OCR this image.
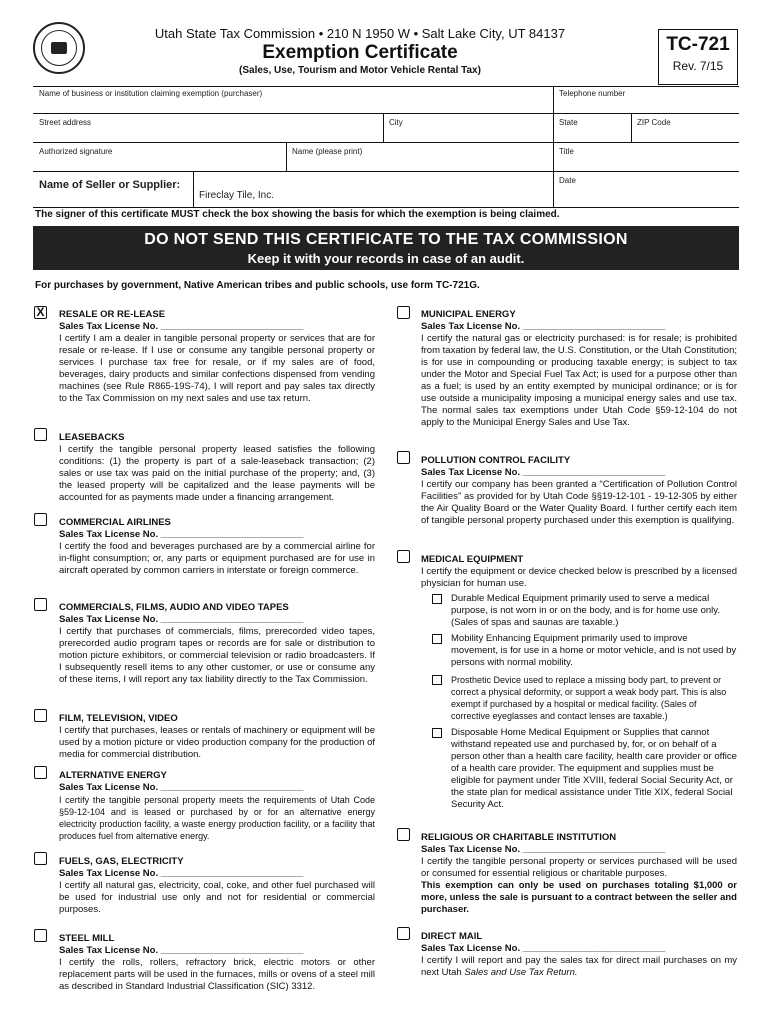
Utah State Tax Commission • 210 N 1950 W • Salt Lake City, UT 84137
Exemption Certificate
(Sales, Use, Tourism and Motor Vehicle Rental Tax)
TC-721
Rev. 7/15
Name of business or institution claiming exemption (purchaser)	Telephone number
Street address	City	State	ZIP Code
Authorized signature	Name (please print)	Title
Name of Seller or Supplier:
Fireclay Tile, Inc.
Date
The signer of this certificate MUST check the box showing the basis for which the exemption is being claimed.
DO NOT SEND THIS CERTIFICATE TO THE TAX COMMISSION
Keep it with your records in case of an audit.
For purchases by government, Native American tribes and public schools, use form TC-721G.
X RESALE OR RE-LEASE
Sales Tax License No. ___________________________
I certify I am a dealer in tangible personal property or services that are for resale or re-lease. If I use or consume any tangible personal property or services I purchase tax free for resale, or if my sales are of food, beverages, dairy products and similar confections dispensed from vending machines (see Rule R865-19S-74), I will report and pay sales tax directly to the Tax Commission on my next sales and use tax return.
LEASEBACKS
I certify the tangible personal property leased satisfies the following conditions: (1) the property is part of a sale-leaseback transaction; (2) sales or use tax was paid on the initial purchase of the property; and, (3) the leased property will be capitalized and the lease payments will be accounted for as payments made under a financing arrangement.
COMMERCIAL AIRLINES
Sales Tax License No. ___________________________
I certify the food and beverages purchased are by a commercial airline for in-flight consumption; or, any parts or equipment purchased are for use in aircraft operated by common carriers in interstate or foreign commerce.
COMMERCIALS, FILMS, AUDIO AND VIDEO TAPES
Sales Tax License No. ___________________________
I certify that purchases of commercials, films, prerecorded video tapes, prerecorded audio program tapes or records are for sale or distribution to motion picture exhibitors, or commercial television or radio broadcasters. If I subsequently resell items to any other customer, or use or consume any of these items, I will report any tax liability directly to the Tax Commission.
FILM, TELEVISION, VIDEO
I certify that purchases, leases or rentals of machinery or equipment will be used by a motion picture or video production company for the production of media for commercial distribution.
ALTERNATIVE ENERGY
Sales Tax License No. ___________________________
I certify the tangible personal property meets the requirements of Utah Code §59-12-104 and is leased or purchased by or for an alternative energy electricity production facility, a waste energy production facility, or a facility that produces fuel from alternative energy.
FUELS, GAS, ELECTRICITY
Sales Tax License No. ___________________________
I certify all natural gas, electricity, coal, coke, and other fuel purchased will be used for industrial use only and not for residential or commercial purposes.
STEEL MILL
Sales Tax License No. ___________________________
I certify the rolls, rollers, refractory brick, electric motors or other replacement parts will be used in the furnaces, mills or ovens of a steel mill as described in Standard Industrial Classification (SIC) 3312.
MUNICIPAL ENERGY
Sales Tax License No. ___________________________
I certify the natural gas or electricity purchased: is for resale; is prohibited from taxation by federal law, the U.S. Constitution, or the Utah Constitution; is for use in compounding or producing taxable energy; is subject to tax under the Motor and Special Fuel Tax Act; is used for a purpose other than as a fuel; is used by an entity exempted by municipal ordinance; or is for use outside a municipality imposing a municipal energy sales and use tax. The normal sales tax exemptions under Utah Code §59-12-104 do not apply to the Municipal Energy Sales and Use Tax.
POLLUTION CONTROL FACILITY
Sales Tax License No. ___________________________
I certify our company has been granted a “Certification of Pollution Control Facilities” as provided for by Utah Code §§19-12-101 - 19-12-305 by either the Air Quality Board or the Water Quality Board. I further certify each item of tangible personal property purchased under this exemption is qualifying.
MEDICAL EQUIPMENT
I certify the equipment or device checked below is prescribed by a licensed physician for human use.
Durable Medical Equipment primarily used to serve a medical purpose, is not worn in or on the body, and is for home use only. (Sales of spas and saunas are taxable.)
Mobility Enhancing Equipment primarily used to improve movement, is for use in a home or motor vehicle, and is not used by persons with normal mobility.
Prosthetic Device used to replace a missing body part, to prevent or correct a physical deformity, or support a weak body part. This is also exempt if purchased by a hospital or medical facility. (Sales of corrective eyeglasses and contact lenses are taxable.)
Disposable Home Medical Equipment or Supplies that cannot withstand repeated use and purchased by, for, or on behalf of a person other than a health care facility, health care provider or office of a health care provider. The equipment and supplies must be eligible for payment under Title XVIII, federal Social Security Act, or the state plan for medical assistance under Title XIX, federal Social Security Act.
RELIGIOUS OR CHARITABLE INSTITUTION
Sales Tax License No. ___________________________
I certify the tangible personal property or services purchased will be used or consumed for essential religious or charitable purposes.
This exemption can only be used on purchases totaling $1,000 or more, unless the sale is pursuant to a contract between the seller and purchaser.
DIRECT MAIL
Sales Tax License No. ___________________________
I certify I will report and pay the sales tax for direct mail purchases on my next Utah Sales and Use Tax Return.
